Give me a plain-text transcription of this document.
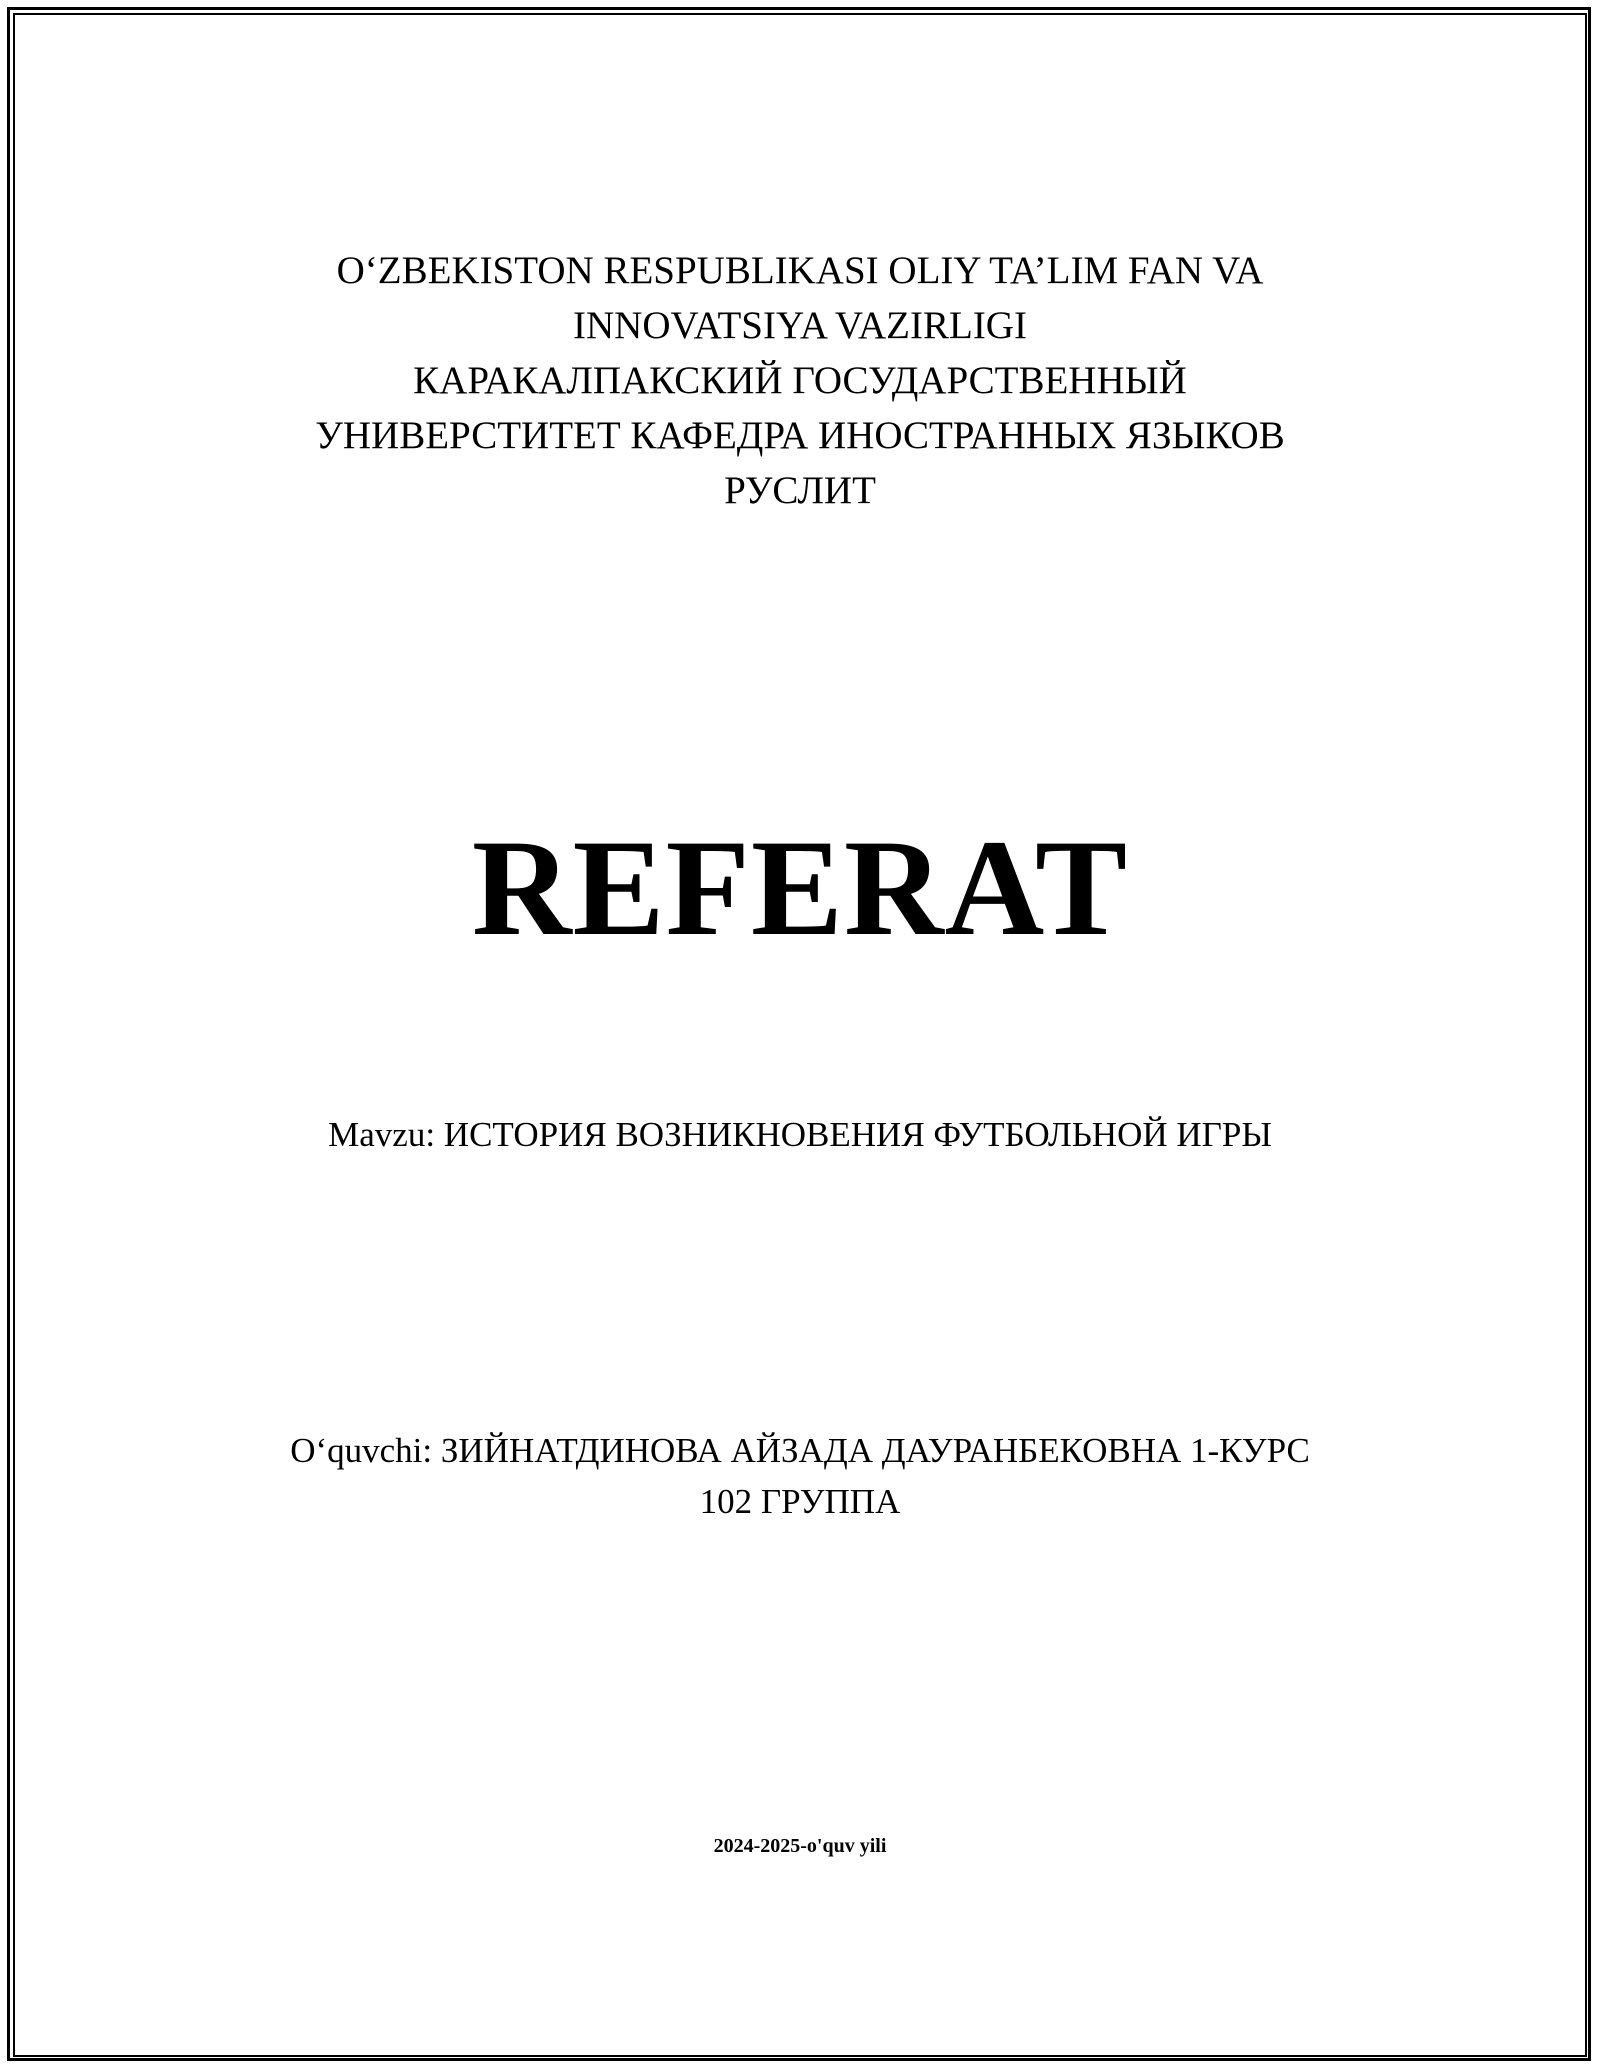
O‘ZBEKISTON RESPUBLIKASI OLIY TA’LIM FAN VA
INNOVATSIYA VAZIRLIGI
КАРАКАЛПАКСКИЙ ГОСУДАРСТВЕННЫЙ
УНИВЕРСТИТЕТ КАФЕДРА ИНОСТРАННЫХ ЯЗЫКОВ
РУСЛИТ
REFERAT
Mavzu: ИСТОРИЯ ВОЗНИКНОВЕНИЯ ФУТБОЛЬНОЙ ИГРЫ
O‘quvchi: ЗИЙНАТДИНОВА АЙЗАДА ДАУРАНБЕКОВНА 1-КУРС
102 ГРУППА
2024-2025-o'quv yili
